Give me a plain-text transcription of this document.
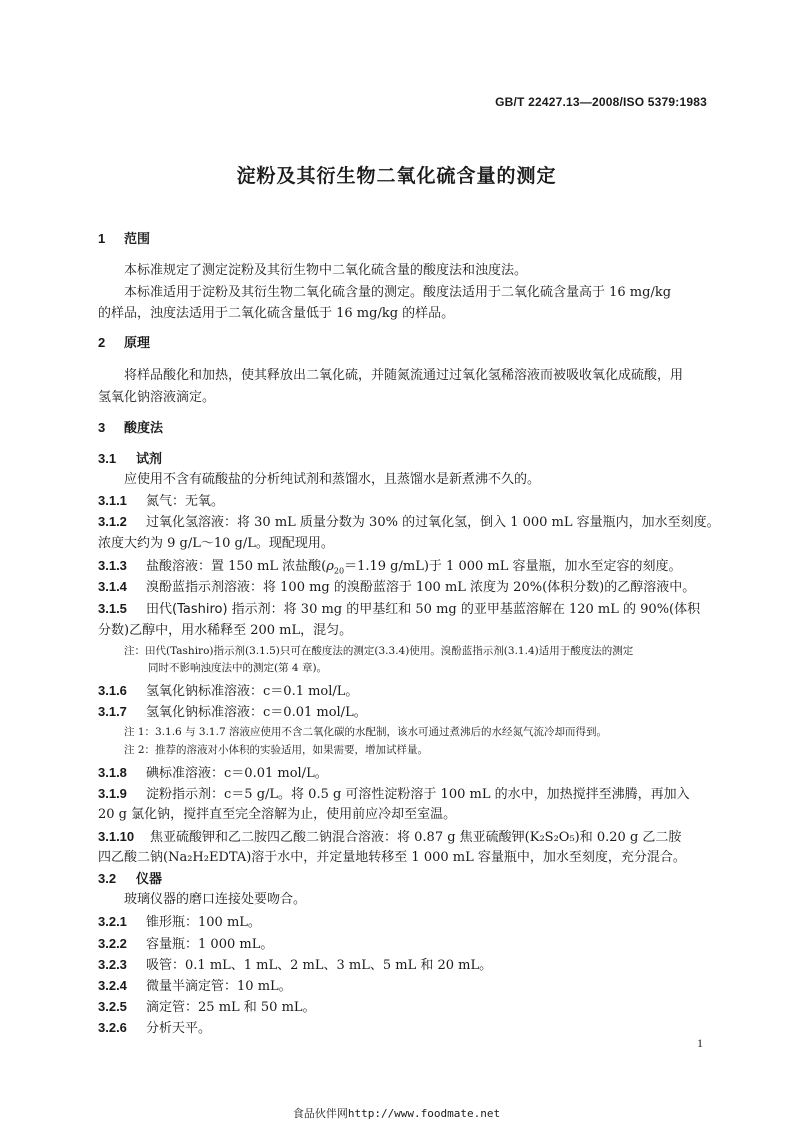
GB/T 22427.13—2008/ISO 5379:1983
淀粉及其衍生物二氧化硫含量的测定
1 范围
本标准规定了测定淀粉及其衍生物中二氧化硫含量的酸度法和浊度法。
本标准适用于淀粉及其衍生物二氧化硫含量的测定。酸度法适用于二氧化硫含量高于 16 mg/kg
的样品，浊度法适用于二氧化硫含量低于 16 mg/kg 的样品。
2 原理
将样品酸化和加热，使其释放出二氧化硫，并随氮流通过过氧化氢稀溶液而被吸收氧化成硫酸，用
氢氧化钠溶液滴定。
3 酸度法
3.1 试剂
应使用不含有硫酸盐的分析纯试剂和蒸馏水，且蒸馏水是新煮沸不久的。
3.1.1 氮气：无氧。
3.1.2 过氧化氢溶液：将 30 mL 质量分数为 30% 的过氧化氢，倒入 1 000 mL 容量瓶内，加水至刻度。
浓度大约为 9 g/L～10 g/L。现配现用。
3.1.3 盐酸溶液：置 150 mL 浓盐酸($\rho_{20}=1.19$ g/mL)于 1 000 mL 容量瓶，加水至定容的刻度。
3.1.4 溴酚蓝指示剂溶液：将 100 mg 的溴酚蓝溶于 100 mL 浓度为 20%(体积分数)的乙醇溶液中。
3.1.5 田代(Tashiro) 指示剂：将 30 mg 的甲基红和 50 mg 的亚甲基蓝溶解在 120 mL 的 90%(体积
分数)乙醇中，用水稀释至 200 mL，混匀。
注：田代(Tashiro)指示剂(3.1.5)只可在酸度法的测定(3.3.4)使用。溴酚蓝指示剂(3.1.4)适用于酸度法的测定
同时不影响浊度法中的测定(第 4 章)。
3.1.6 氢氧化钠标准溶液：c＝0.1 mol/L。
3.1.7 氢氧化钠标准溶液：c＝0.01 mol/L。
注 1：3.1.6 与 3.1.7 溶液应使用不含二氧化碳的水配制，该水可通过煮沸后的水经氮气流冷却而得到。
注 2：推荐的溶液对小体积的实验适用，如果需要，增加试样量。
3.1.8 碘标准溶液：c＝0.01 mol/L。
3.1.9 淀粉指示剂：c＝5 g/L。将 0.5 g 可溶性淀粉溶于 100 mL 的水中，加热搅拌至沸腾，再加入
20 g 氯化钠，搅拌直至完全溶解为止，使用前应冷却至室温。
3.1.10 焦亚硫酸钾和乙二胺四乙酸二钠混合溶液：将 0.87 g 焦亚硫酸钾(K₂S₂O₅)和 0.20 g 乙二胺
四乙酸二钠(Na₂H₂EDTA)溶于水中，并定量地转移至 1 000 mL 容量瓶中，加水至刻度，充分混合。
3.2 仪器
玻璃仪器的磨口连接处要吻合。
3.2.1 锥形瓶：100 mL。
3.2.2 容量瓶：1 000 mL。
3.2.3 吸管：0.1 mL、1 mL、2 mL、3 mL、5 mL 和 20 mL。
3.2.4 微量半滴定管：10 mL。
3.2.5 滴定管：25 mL 和 50 mL。
3.2.6 分析天平。
1
食品伙伴网http://www.foodmate.net
